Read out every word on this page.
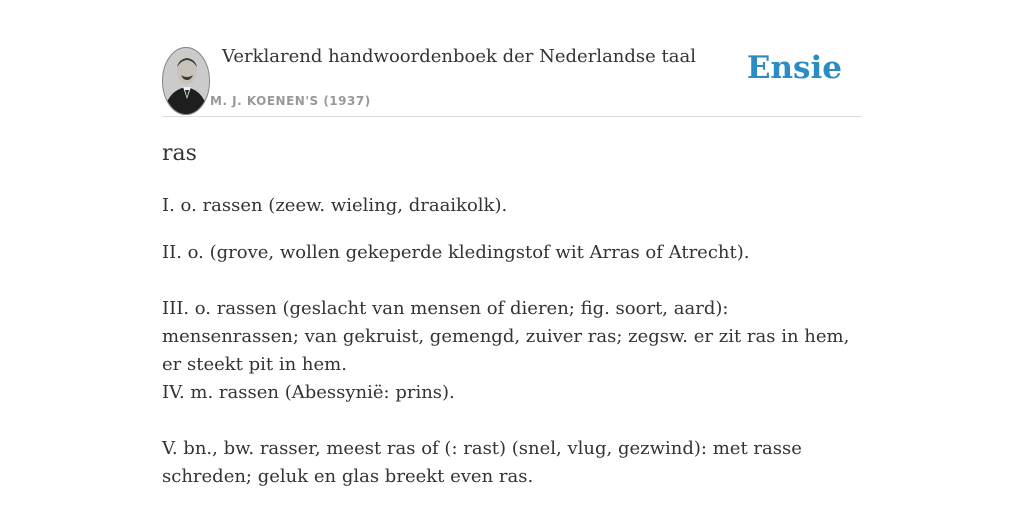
Verklarend handwoordenboek der Nederlandse taal
M. J. KOENEN'S (1937)
Ensie
ras

I. o. rassen (zeew. wieling, draaikolk).

II. o. (grove, wollen gekeperde kledingstof wit Arras of Atrecht).

III. o. rassen (geslacht van mensen of dieren; fig. soort, aard): mensenrassen; van gekruist, gemengd, zuiver ras; zegsw. er zit ras in hem, er steekt pit in hem.

IV. m. rassen (Abessynië: prins).

V. bn., bw. rasser, meest ras of (: rast) (snel, vlug, gezwind): met rasse schreden; geluk en glas breekt even ras.
